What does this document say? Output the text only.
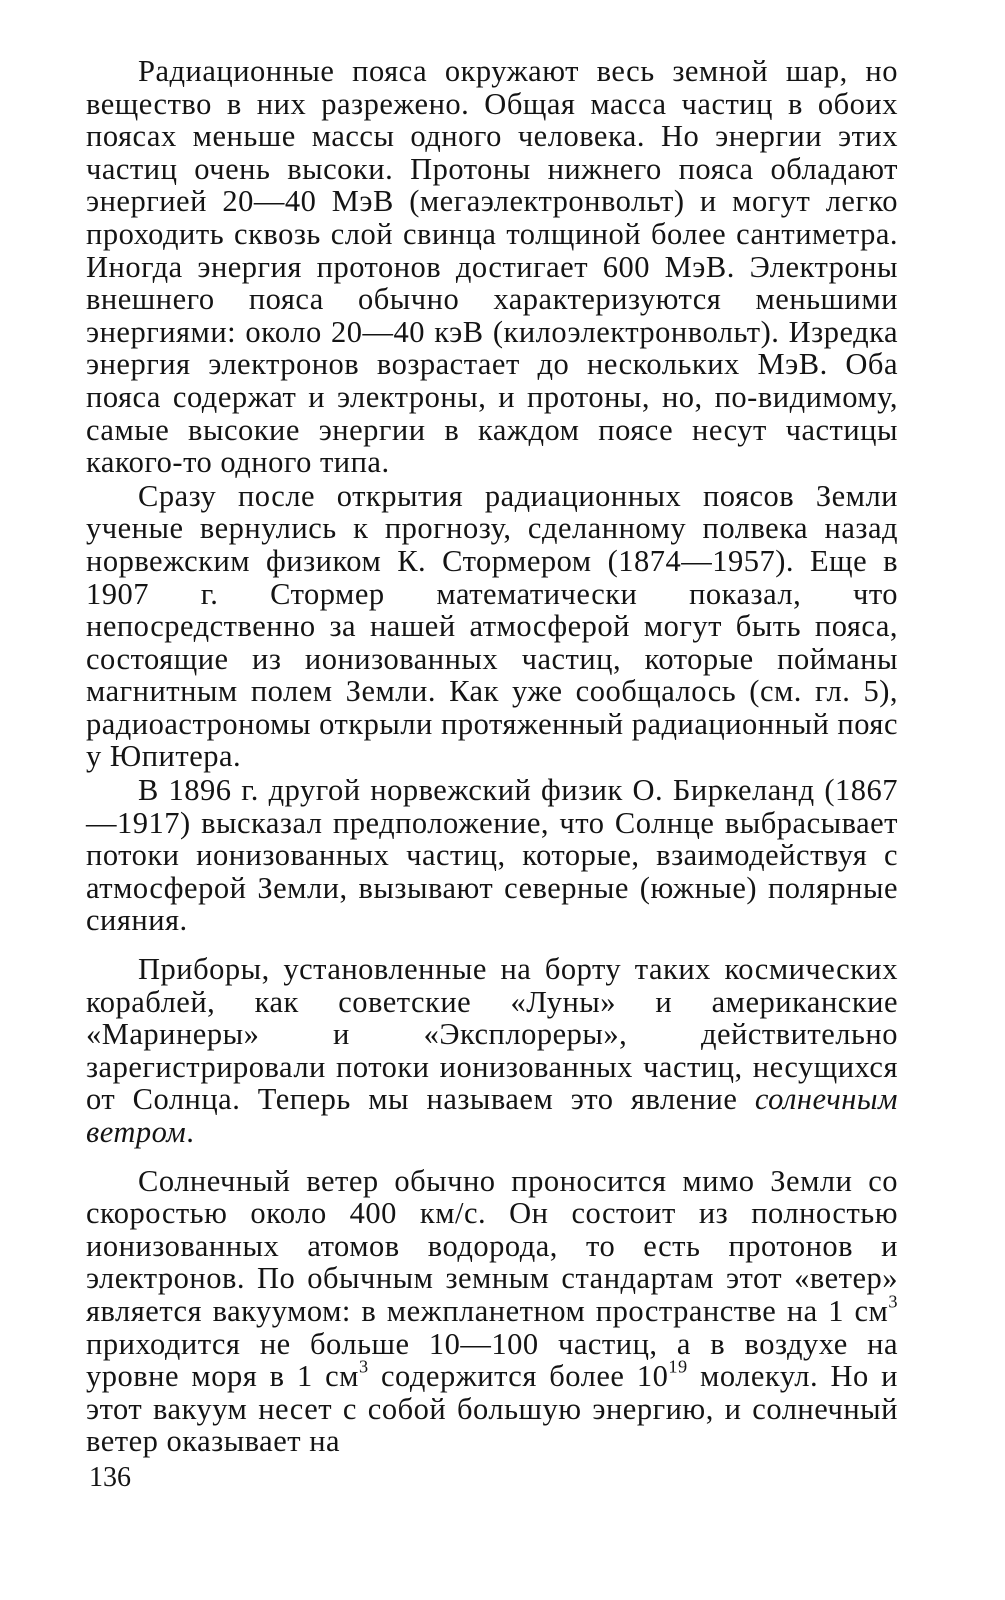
Радиационные пояса окружают весь земной шар, но вещество в них разрежено. Общая масса частиц в обоих поясах меньше массы одного человека. Но энергии этих частиц очень высоки. Протоны нижнего пояса обладают энергией 20—40 МэВ (мегаэлектронвольт) и могут легко проходить сквозь слой свинца толщиной более сантиметра. Иногда энергия протонов достигает 600 МэВ. Электроны внешнего пояса обычно характеризуются меньшими энергиями: около 20—40 кэВ (килоэлектронвольт). Изредка энергия электронов возрастает до нескольких МэВ. Оба пояса содержат и электроны, и протоны, но, по-видимому, самые высокие энергии в каждом поясе несут частицы какого-то одного типа.

Сразу после открытия радиационных поясов Земли ученые вернулись к прогнозу, сделанному полвека назад норвежским физиком К. Стормером (1874—1957). Еще в 1907 г. Стормер математически показал, что непосредственно за нашей атмосферой могут быть пояса, состоящие из ионизованных частиц, которые пойманы магнитным полем Земли. Как уже сообщалось (см. гл. 5), радиоастрономы открыли протяженный радиационный пояс у Юпитера.

В 1896 г. другой норвежский физик О. Биркеланд (1867—1917) высказал предположение, что Солнце выбрасывает потоки ионизованных частиц, которые, взаимодействуя с атмосферой Земли, вызывают северные (южные) полярные сияния.

Приборы, установленные на борту таких космических кораблей, как советские «Луны» и американские «Маринеры» и «Эксплореры», действительно зарегистрировали потоки ионизованных частиц, несущихся от Солнца. Теперь мы называем это явление солнечным ветром.

Солнечный ветер обычно проносится мимо Земли со скоростью около 400 км/с. Он состоит из полностью ионизованных атомов водорода, то есть протонов и электронов. По обычным земным стандартам этот «ветер» является вакуумом: в межпланетном пространстве на 1 $см^3$ приходится не больше 10—100 частиц, а в воздухе на уровне моря в 1 $см^3$ содержится более $10^{19}$ молекул. Но и этот вакуум несет с собой большую энергию, и солнечный ветер оказывает на

136
